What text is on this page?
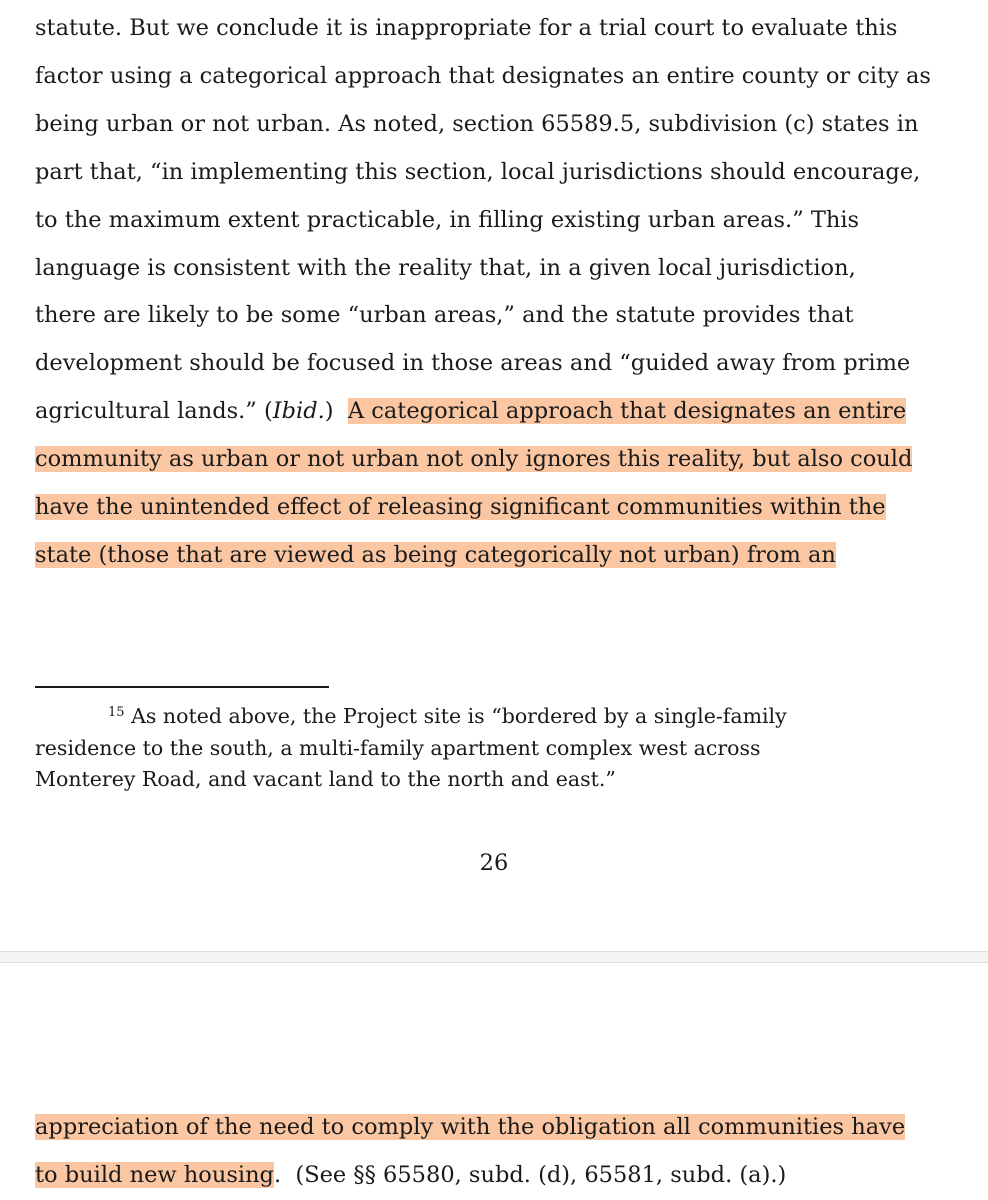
statute. But we conclude it is inappropriate for a trial court to evaluate this
factor using a categorical approach that designates an entire county or city as
being urban or not urban. As noted, section 65589.5, subdivision (c) states in
part that, “in implementing this section, local jurisdictions should encourage,
to the maximum extent practicable, in filling existing urban areas.” This
language is consistent with the reality that, in a given local jurisdiction,
there are likely to be some “urban areas,” and the statute provides that
development should be focused in those areas and “guided away from prime
agricultural lands.” (Ibid.)  A categorical approach that designates an entire
community as urban or not urban not only ignores this reality, but also could
have the unintended effect of releasing significant communities within the
state (those that are viewed as being categorically not urban) from an
$^{15}$ As noted above, the Project site is “bordered by a single-family
residence to the south, a multi-family apartment complex west across
Monterey Road, and vacant land to the north and east.”
26
appreciation of the need to comply with the obligation all communities have
to build new housing.  (See §§ 65580, subd. (d), 65581, subd. (a).)
